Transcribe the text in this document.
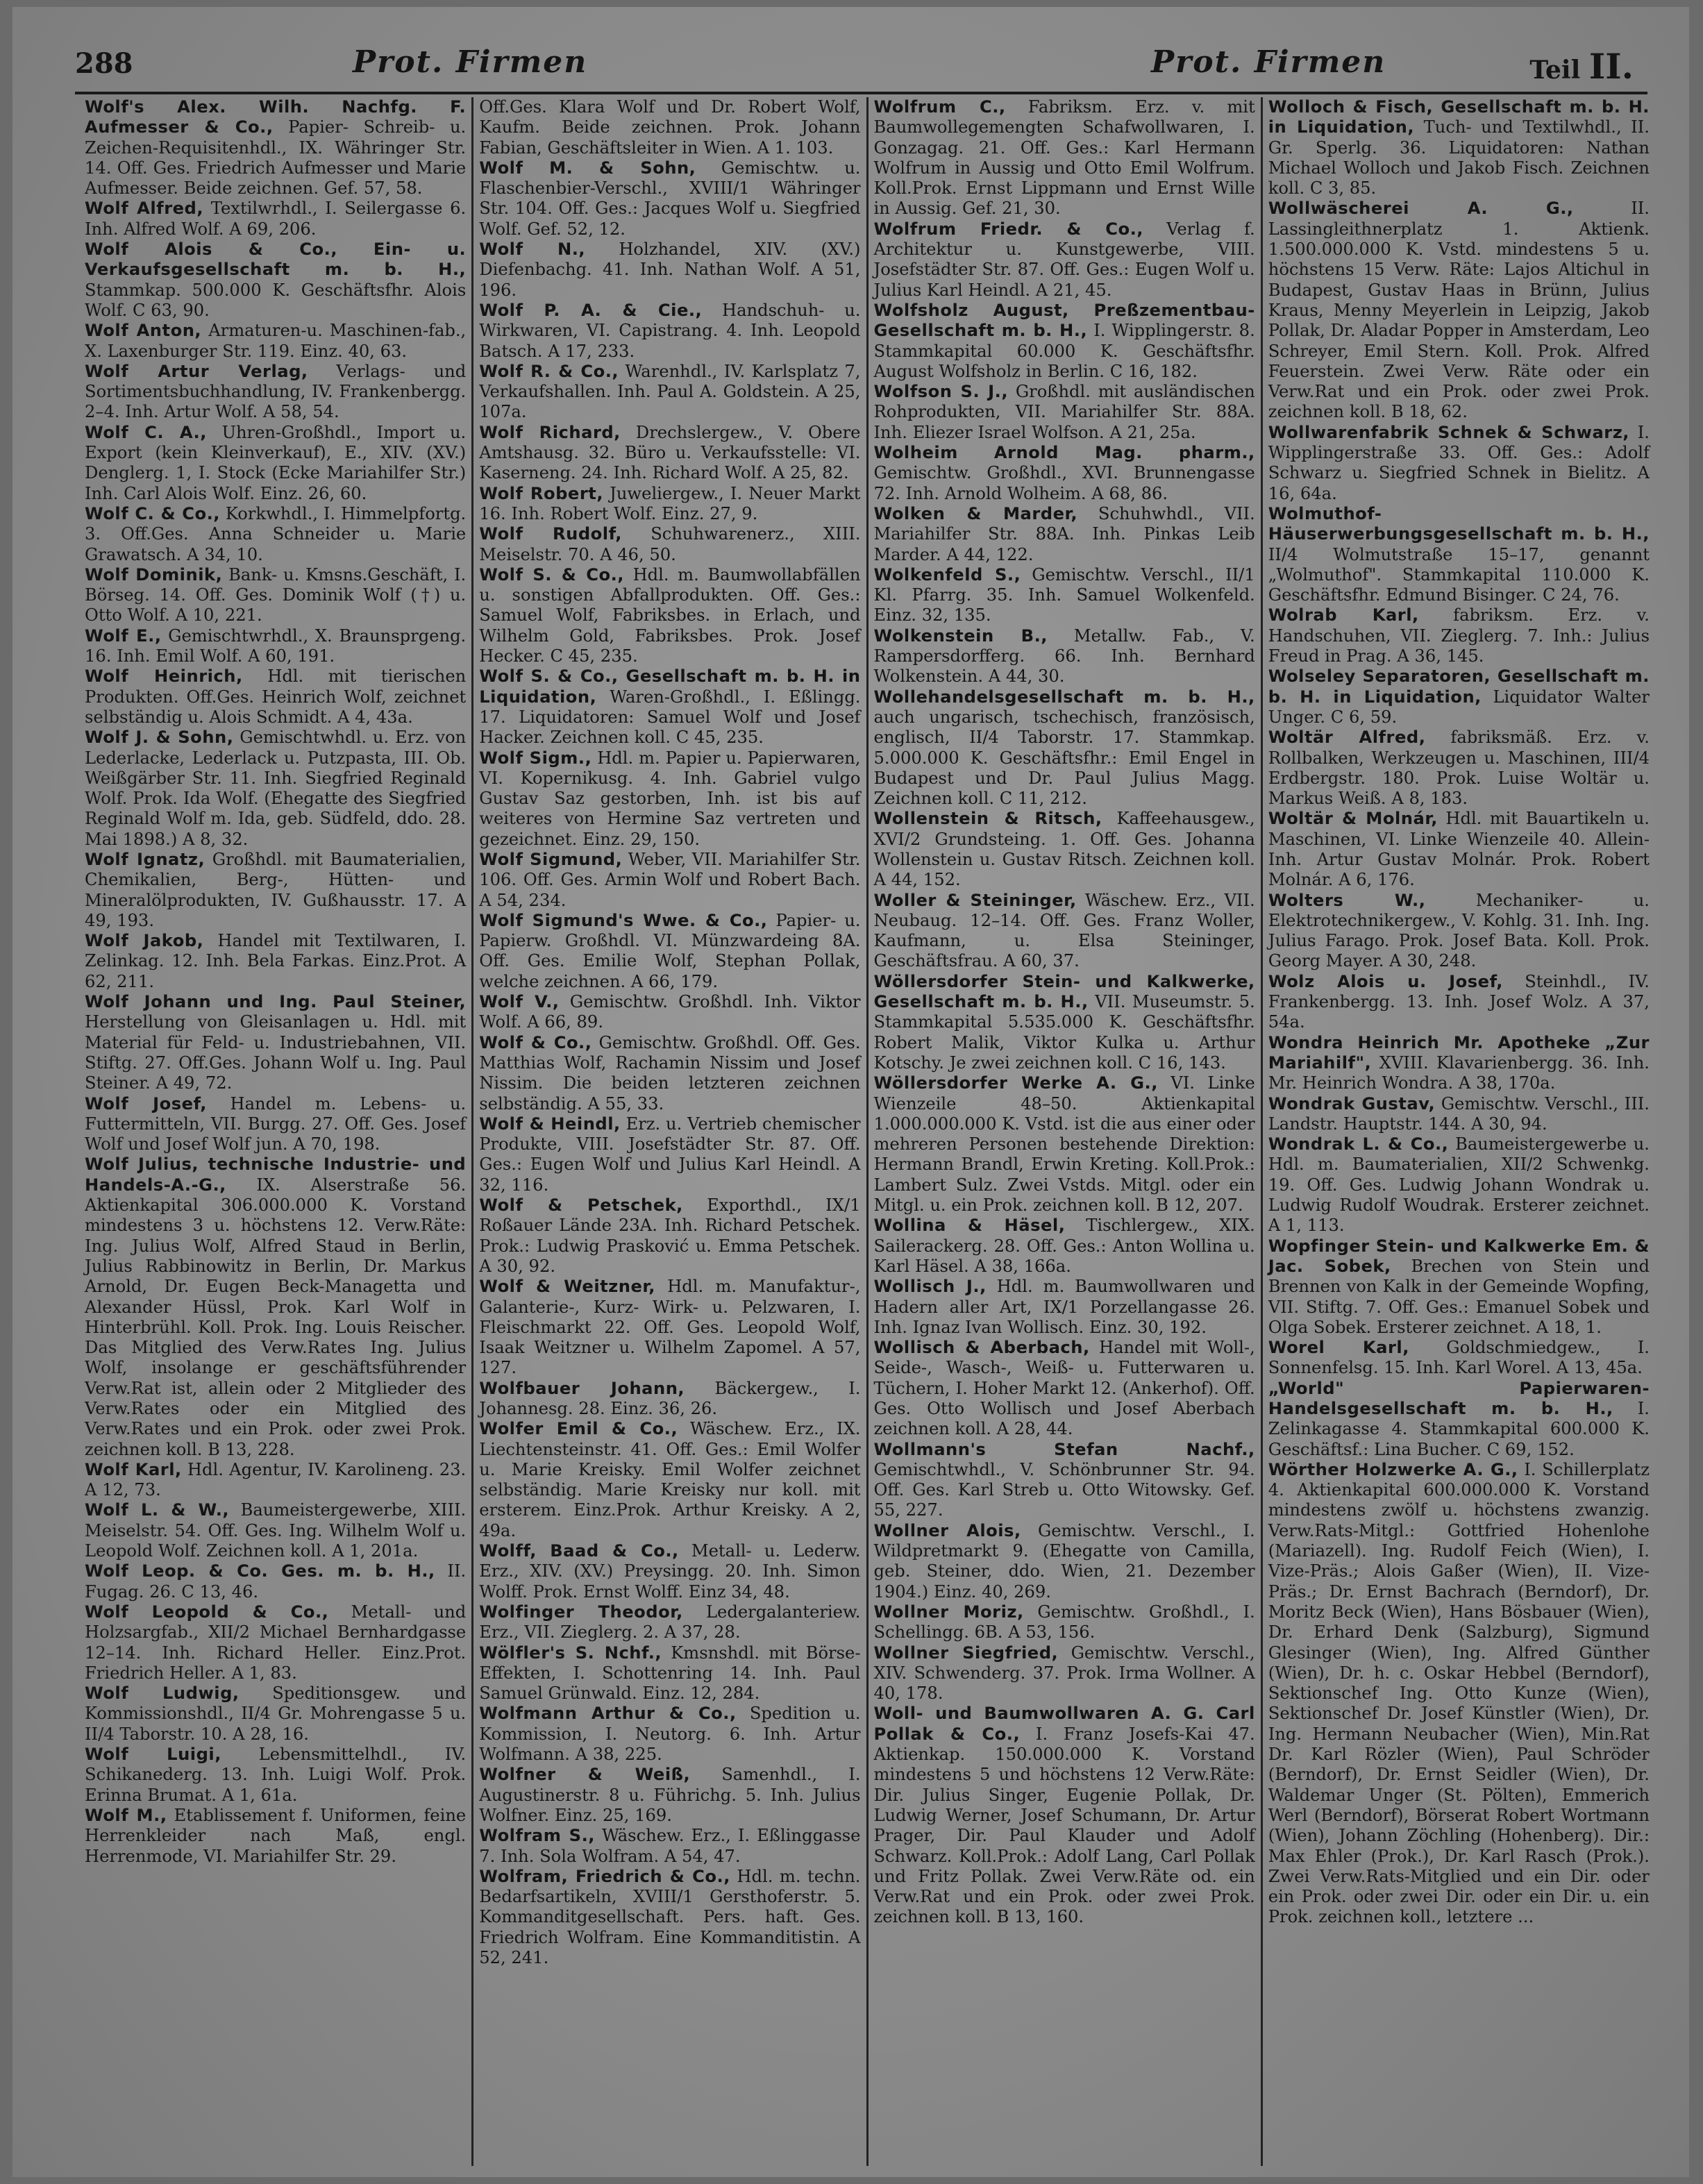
288	Prot. Firmen	Prot. Firmen	Teil II.

Wolf's Alex. Wilh. Nachfg. F. Aufmesser & Co., Papier- Schreib- u. Zeichen-Requisitenhdl., IX. Währinger Str. 14. Off. Ges. Friedrich Aufmesser und Marie Aufmesser. Beide zeichnen. Gef. 57, 58.

Wolf Alfred, Textilwrhdl., I. Seilergasse 6. Inh. Alfred Wolf. A 69, 206.

Wolf Alois & Co., Ein- u. Verkaufsgesellschaft m. b. H., Stammkap. 500.000 K. Geschäftsfhr. Alois Wolf. C 63, 90.

Wolf Anton, Armaturen-u. Maschinen-fab., X. Laxenburger Str. 119. Einz. 40, 63.

Wolf Artur Verlag, Verlags- und Sortimentsbuchhandlung, IV. Frankenbergg. 2–4. Inh. Artur Wolf. A 58, 54.

Wolf C. A., Uhren-Großhdl., Import u. Export (kein Kleinverkauf), E., XIV. (XV.) Denglerg. 1, I. Stock (Ecke Mariahilfer Str.) Inh. Carl Alois Wolf. Einz. 26, 60.

Wolf C. & Co., Korkwhdl., I. Himmelpfortg. 3. Off.Ges. Anna Schneider u. Marie Grawatsch. A 34, 10.

Wolf Dominik, Bank- u. Kmsns.Geschäft, I. Börseg. 14. Off. Ges. Dominik Wolf (†) u. Otto Wolf. A 10, 221.

Wolf E., Gemischtwrhdl., X. Braunsprgeng. 16. Inh. Emil Wolf. A 60, 191.

Wolf Heinrich, Hdl. mit tierischen Produkten. Off.Ges. Heinrich Wolf, zeichnet selbständig u. Alois Schmidt. A 4, 43a.

Wolf J. & Sohn, Gemischtwhdl. u. Erz. von Lederlacke, Lederlack u. Putzpasta, III. Ob. Weißgärber Str. 11. Inh. Siegfried Reginald Wolf. Prok. Ida Wolf. (Ehegatte des Siegfried Reginald Wolf m. Ida, geb. Südfeld, ddo. 28. Mai 1898.) A 8, 32.

Wolf Ignatz, Großhdl. mit Baumaterialien, Chemikalien, Berg-, Hütten- und Mineralölprodukten, IV. Gußhausstr. 17. A 49, 193.

Wolf Jakob, Handel mit Textilwaren, I. Zelinkag. 12. Inh. Bela Farkas. Einz.Prot. A 62, 211.

Wolf Johann und Ing. Paul Steiner, Herstellung von Gleisanlagen u. Hdl. mit Material für Feld- u. Industriebahnen, VII. Stiftg. 27. Off.Ges. Johann Wolf u. Ing. Paul Steiner. A 49, 72.

Wolf Josef, Handel m. Lebens- u. Futtermitteln, VII. Burgg. 27. Off. Ges. Josef Wolf und Josef Wolf jun. A 70, 198.

Wolf Julius, technische Industrie- und Handels-A.-G., IX. Alserstraße 56. Aktienkapital 306.000.000 K. Vorstand mindestens 3 u. höchstens 12. Verw.Räte: Ing. Julius Wolf, Alfred Staud in Berlin, Julius Rabbinowitz in Berlin, Dr. Markus Arnold, Dr. Eugen Beck-Managetta und Alexander Hüssl, Prok. Karl Wolf in Hinterbrühl. Koll. Prok. Ing. Louis Reischer. Das Mitglied des Verw.Rates Ing. Julius Wolf, insolange er geschäftsführender Verw.Rat ist, allein oder 2 Mitglieder des Verw.Rates oder ein Mitglied des Verw.Rates und ein Prok. oder zwei Prok. zeichnen koll. B 13, 228.

Wolf Karl, Hdl. Agentur, IV. Karolineng. 23. A 12, 73.

Wolf L. & W., Baumeistergewerbe, XIII. Meiselstr. 54. Off. Ges. Ing. Wilhelm Wolf u. Leopold Wolf. Zeichnen koll. A 1, 201a.

Wolf Leop. & Co. Ges. m. b. H., II. Fugag. 26. C 13, 46.

Wolf Leopold & Co., Metall- und Holzsargfab., XII/2 Michael Bernhardgasse 12–14. Inh. Richard Heller. Einz.Prot. Friedrich Heller. A 1, 83.

Wolf Ludwig, Speditionsgew. und Kommissionshdl., II/4 Gr. Mohrengasse 5 u. II/4 Taborstr. 10. A 28, 16.

Wolf Luigi, Lebensmittelhdl., IV. Schikanederg. 13. Inh. Luigi Wolf. Prok. Erinna Brumat. A 1, 61a.

Wolf M., Etablissement f. Uniformen, feine Herrenkleider nach Maß, engl. Herrenmode, VI. Mariahilfer Str. 29.

Off.Ges. Klara Wolf und Dr. Robert Wolf, Kaufm. Beide zeichnen. Prok. Johann Fabian, Geschäftsleiter in Wien. A 1. 103.

Wolf M. & Sohn, Gemischtw. u. Flaschenbier-Verschl., XVIII/1 Währinger Str. 104. Off. Ges.: Jacques Wolf u. Siegfried Wolf. Gef. 52, 12.

Wolf N., Holzhandel, XIV. (XV.) Diefenbachg. 41. Inh. Nathan Wolf. A 51, 196.

Wolf P. A. & Cie., Handschuh- u. Wirkwaren, VI. Capistrang. 4. Inh. Leopold Batsch. A 17, 233.

Wolf R. & Co., Warenhdl., IV. Karlsplatz 7, Verkaufshallen. Inh. Paul A. Goldstein. A 25, 107a.

Wolf Richard, Drechslergew., V. Obere Amtshausg. 32. Büro u. Verkaufsstelle: VI. Kaserneng. 24. Inh. Richard Wolf. A 25, 82.

Wolf Robert, Juweliergew., I. Neuer Markt 16. Inh. Robert Wolf. Einz. 27, 9.

Wolf Rudolf, Schuhwarenerz., XIII. Meiselstr. 70. A 46, 50.

Wolf S. & Co., Hdl. m. Baumwollabfällen u. sonstigen Abfallprodukten. Off. Ges.: Samuel Wolf, Fabriksbes. in Erlach, und Wilhelm Gold, Fabriksbes. Prok. Josef Hecker. C 45, 235.

Wolf S. & Co., Gesellschaft m. b. H. in Liquidation, Waren-Großhdl., I. Eßlingg. 17. Liquidatoren: Samuel Wolf und Josef Hacker. Zeichnen koll. C 45, 235.

Wolf Sigm., Hdl. m. Papier u. Papierwaren, VI. Kopernikusg. 4. Inh. Gabriel vulgo Gustav Saz gestorben, Inh. ist bis auf weiteres von Hermine Saz vertreten und gezeichnet. Einz. 29, 150.

Wolf Sigmund, Weber, VII. Mariahilfer Str. 106. Off. Ges. Armin Wolf und Robert Bach. A 54, 234.

Wolf Sigmund's Wwe. & Co., Papier- u. Papierw. Großhdl. VI. Münzwardeing 8A. Off. Ges. Emilie Wolf, Stephan Pollak, welche zeichnen. A 66, 179.

Wolf V., Gemischtw. Großhdl. Inh. Viktor Wolf. A 66, 89.

Wolf & Co., Gemischtw. Großhdl. Off. Ges. Matthias Wolf, Rachamin Nissim und Josef Nissim. Die beiden letzteren zeichnen selbständig. A 55, 33.

Wolf & Heindl, Erz. u. Vertrieb chemischer Produkte, VIII. Josefstädter Str. 87. Off. Ges.: Eugen Wolf und Julius Karl Heindl. A 32, 116.

Wolf & Petschek, Exporthdl., IX/1 Roßauer Lände 23A. Inh. Richard Petschek. Prok.: Ludwig Prasković u. Emma Petschek. A 30, 92.

Wolf & Weitzner, Hdl. m. Manufaktur-, Galanterie-, Kurz- Wirk- u. Pelzwaren, I. Fleischmarkt 22. Off. Ges. Leopold Wolf, Isaak Weitzner u. Wilhelm Zapomel. A 57, 127.

Wolfbauer Johann, Bäckergew., I. Johannesg. 28. Einz. 36, 26.

Wolfer Emil & Co., Wäschew. Erz., IX. Liechtensteinstr. 41. Off. Ges.: Emil Wolfer u. Marie Kreisky. Emil Wolfer zeichnet selbständig. Marie Kreisky nur koll. mit ersterem. Einz.Prok. Arthur Kreisky. A 2, 49a.

Wolff, Baad & Co., Metall- u. Lederw. Erz., XIV. (XV.) Preysingg. 20. Inh. Simon Wolff. Prok. Ernst Wolff. Einz 34, 48.

Wolfinger Theodor, Ledergalanteriew. Erz., VII. Zieglerg. 2. A 37, 28.

Wölfler's S. Nchf., Kmsnshdl. mit Börse-Effekten, I. Schottenring 14. Inh. Paul Samuel Grünwald. Einz. 12, 284.

Wolfmann Arthur & Co., Spedition u. Kommission, I. Neutorg. 6. Inh. Artur Wolfmann. A 38, 225.

Wolfner & Weiß, Samenhdl., I. Augustinerstr. 8 u. Führichg. 5. Inh. Julius Wolfner. Einz. 25, 169.

Wolfram S., Wäschew. Erz., I. Eßlinggasse 7. Inh. Sola Wolfram. A 54, 47.

Wolfram, Friedrich & Co., Hdl. m. techn. Bedarfsartikeln, XVIII/1 Gersthoferstr. 5. Kommanditgesellschaft. Pers. haft. Ges. Friedrich Wolfram. Eine Kommanditistin. A 52, 241.

Wolfrum C., Fabriksm. Erz. v. mit Baumwollegemengten Schafwollwaren, I. Gonzagag. 21. Off. Ges.: Karl Hermann Wolfrum in Aussig und Otto Emil Wolfrum. Koll.Prok. Ernst Lippmann und Ernst Wille in Aussig. Gef. 21, 30.

Wolfrum Friedr. & Co., Verlag f. Architektur u. Kunstgewerbe, VIII. Josefstädter Str. 87. Off. Ges.: Eugen Wolf u. Julius Karl Heindl. A 21, 45.

Wolfsholz August, Preßzementbau-Gesellschaft m. b. H., I. Wipplingerstr. 8. Stammkapital 60.000 K. Geschäftsfhr. August Wolfsholz in Berlin. C 16, 182.

Wolfson S. J., Großhdl. mit ausländischen Rohprodukten, VII. Mariahilfer Str. 88A. Inh. Eliezer Israel Wolfson. A 21, 25a.

Wolheim Arnold Mag. pharm., Gemischtw. Großhdl., XVI. Brunnengasse 72. Inh. Arnold Wolheim. A 68, 86.

Wolken & Marder, Schuhwhdl., VII. Mariahilfer Str. 88A. Inh. Pinkas Leib Marder. A 44, 122.

Wolkenfeld S., Gemischtw. Verschl., II/1 Kl. Pfarrg. 35. Inh. Samuel Wolkenfeld. Einz. 32, 135.

Wolkenstein B., Metallw. Fab., V. Rampersdorfferg. 66. Inh. Bernhard Wolkenstein. A 44, 30.

Wollehandelsgesellschaft m. b. H., auch ungarisch, tschechisch, französisch, englisch, II/4 Taborstr. 17. Stammkap. 5.000.000 K. Geschäftsfhr.: Emil Engel in Budapest und Dr. Paul Julius Magg. Zeichnen koll. C 11, 212.

Wollenstein & Ritsch, Kaffeehausgew., XVI/2 Grundsteing. 1. Off. Ges. Johanna Wollenstein u. Gustav Ritsch. Zeichnen koll. A 44, 152.

Woller & Steininger, Wäschew. Erz., VII. Neubaug. 12–14. Off. Ges. Franz Woller, Kaufmann, u. Elsa Steininger, Geschäftsfrau. A 60, 37.

Wöllersdorfer Stein- und Kalkwerke, Gesellschaft m. b. H., VII. Museumstr. 5. Stammkapital 5.535.000 K. Geschäftsfhr. Robert Malik, Viktor Kulka u. Arthur Kotschy. Je zwei zeichnen koll. C 16, 143.

Wöllersdorfer Werke A. G., VI. Linke Wienzeile 48–50. Aktienkapital 1.000.000.000 K. Vstd. ist die aus einer oder mehreren Personen bestehende Direktion: Hermann Brandl, Erwin Kreting. Koll.Prok.: Lambert Sulz. Zwei Vstds. Mitgl. oder ein Mitgl. u. ein Prok. zeichnen koll. B 12, 207.

Wollina & Häsel, Tischlergew., XIX. Sailerackerg. 28. Off. Ges.: Anton Wollina u. Karl Häsel. A 38, 166a.

Wollisch J., Hdl. m. Baumwollwaren und Hadern aller Art, IX/1 Porzellangasse 26. Inh. Ignaz Ivan Wollisch. Einz. 30, 192.

Wollisch & Aberbach, Handel mit Woll-, Seide-, Wasch-, Weiß- u. Futterwaren u. Tüchern, I. Hoher Markt 12. (Ankerhof). Off. Ges. Otto Wollisch und Josef Aberbach zeichnen koll. A 28, 44.

Wollmann's Stefan Nachf., Gemischtwhdl., V. Schönbrunner Str. 94. Off. Ges. Karl Streb u. Otto Witowsky. Gef. 55, 227.

Wollner Alois, Gemischtw. Verschl., I. Wildpretmarkt 9. (Ehegatte von Camilla, geb. Steiner, ddo. Wien, 21. Dezember 1904.) Einz. 40, 269.

Wollner Moriz, Gemischtw. Großhdl., I. Schellingg. 6B. A 53, 156.

Wollner Siegfried, Gemischtw. Verschl., XIV. Schwenderg. 37. Prok. Irma Wollner. A 40, 178.

Woll- und Baumwollwaren A. G. Carl Pollak & Co., I. Franz Josefs-Kai 47. Aktienkap. 150.000.000 K. Vorstand mindestens 5 und höchstens 12 Verw.Räte: Dir. Julius Singer, Eugenie Pollak, Dr. Ludwig Werner, Josef Schumann, Dr. Artur Prager, Dir. Paul Klauder und Adolf Schwarz. Koll.Prok.: Adolf Lang, Carl Pollak und Fritz Pollak. Zwei Verw.Räte od. ein Verw.Rat und ein Prok. oder zwei Prok. zeichnen koll. B 13, 160.

Wolloch & Fisch, Gesellschaft m. b. H. in Liquidation, Tuch- und Textilwhdl., II. Gr. Sperlg. 36. Liquidatoren: Nathan Michael Wolloch und Jakob Fisch. Zeichnen koll. C 3, 85.

Wollwäscherei A. G.,	II. Lassingleithnerplatz 1. Aktienk. 1.500.000.000 K. Vstd. mindestens 5 u. höchstens 15 Verw. Räte: Lajos Altichul in Budapest, Gustav Haas in Brünn, Julius Kraus, Menny Meyerlein in Leipzig, Jakob Pollak, Dr. Aladar Popper in Amsterdam, Leo Schreyer, Emil Stern. Koll. Prok. Alfred Feuerstein. Zwei Verw. Räte oder ein Verw.Rat und ein Prok. oder zwei Prok. zeichnen koll. B 18, 62.

Wollwarenfabrik Schnek & Schwarz, I. Wipplingerstraße 33. Off. Ges.: Adolf Schwarz u. Siegfried Schnek in Bielitz. A 16, 64a.

Wolmuthof-Häuserwerbungsgesellschaft m. b. H., II/4 Wolmutstraße 15–17, genannt „Wolmuthof". Stammkapital 110.000 K. Geschäftsfhr. Edmund Bisinger. C 24, 76.

Wolrab Karl, fabriksm. Erz. v. Handschuhen, VII. Zieglerg. 7. Inh.: Julius Freud in Prag. A 36, 145.

Wolseley Separatoren, Gesellschaft m. b. H. in Liquidation, Liquidator Walter Unger. C 6, 59.

Woltär Alfred, fabriksmäß. Erz. v. Rollbalken, Werkzeugen u. Maschinen, III/4 Erdbergstr. 180. Prok. Luise Woltär u. Markus Weiß. A 8, 183.

Woltär & Molnár, Hdl. mit Bauartikeln u. Maschinen, VI. Linke Wienzeile 40. Allein-Inh. Artur Gustav Molnár. Prok. Robert Molnár. A 6, 176.

Wolters W.,	Mechaniker- u. Elektrotechnikergew., V. Kohlg. 31. Inh. Ing. Julius Farago. Prok. Josef Bata. Koll. Prok. Georg Mayer. A 30, 248.

Wolz Alois u. Josef, Steinhdl., IV. Frankenbergg. 13. Inh. Josef Wolz. A 37, 54a.

Wondra Heinrich Mr. Apotheke „Zur Mariahilf", XVIII. Klavarienbergg. 36. Inh. Mr. Heinrich Wondra. A 38, 170a.

Wondrak Gustav, Gemischtw. Verschl., III. Landstr. Hauptstr. 144. A 30, 94.

Wondrak L. & Co., Baumeistergewerbe u. Hdl. m. Baumaterialien, XII/2 Schwenkg. 19. Off. Ges. Ludwig Johann Wondrak u. Ludwig Rudolf Woudrak. Ersterer zeichnet. A 1, 113.

Wopfinger Stein- und Kalkwerke Em. & Jac. Sobek, Brechen von Stein und Brennen von Kalk in der Gemeinde Wopfing, VII. Stiftg. 7. Off. Ges.: Emanuel Sobek und Olga Sobek. Ersterer zeichnet. A 18, 1.

Worel Karl, Goldschmiedgew., I. Sonnenfelsg. 15. Inh. Karl Worel. A 13, 45a.

„World" Papierwaren-Handelsgesellschaft m. b. H., I. Zelinkagasse 4. Stammkapital 600.000 K. Geschäftsf.: Lina Bucher. C 69, 152.

Wörther Holzwerke A. G., I. Schillerplatz 4. Aktienkapital 600.000.000 K. Vorstand mindestens zwölf u. höchstens zwanzig. Verw.Rats-Mitgl.: Gottfried Hohenlohe (Mariazell). Ing. Rudolf Feich (Wien), I. Vize-Präs.; Alois Gaßer (Wien), II. Vize-Präs.; Dr. Ernst Bachrach (Berndorf), Dr. Moritz Beck (Wien), Hans Bösbauer (Wien), Dr. Erhard Denk (Salzburg), Sigmund Glesinger (Wien), Ing. Alfred Günther (Wien), Dr. h. c. Oskar Hebbel (Berndorf), Sektionschef Ing. Otto Kunze (Wien), Sektionschef Dr. Josef Künstler (Wien), Dr. Ing. Hermann Neubacher (Wien), Min.Rat Dr. Karl Rözler (Wien), Paul Schröder (Berndorf), Dr. Ernst Seidler (Wien), Dr. Waldemar Unger (St. Pölten), Emmerich Werl (Berndorf), Börserat Robert Wortmann (Wien), Johann Zöchling (Hohenberg). Dir.: Max Ehler (Prok.), Dr. Karl Rasch (Prok.). Zwei Verw.Rats-Mitglied und ein Dir. oder ein Prok. oder zwei Dir. oder ein Dir. u. ein Prok. zeichnen koll., letztere ...
